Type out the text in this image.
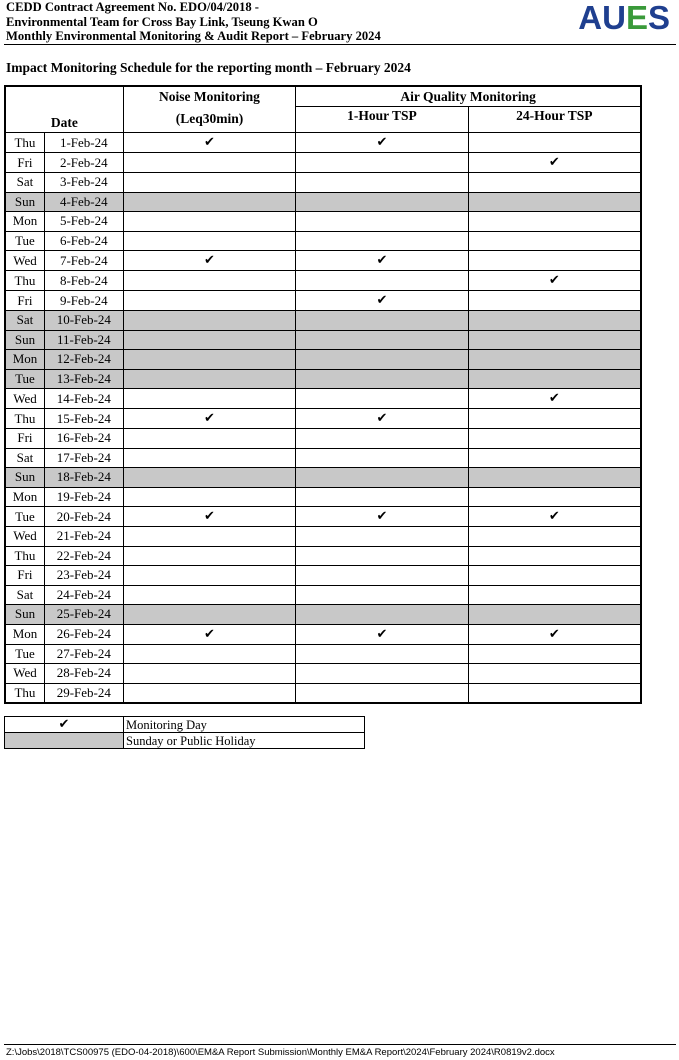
CEDD Contract Agreement No. EDO/04/2018 -
Environmental Team for Cross Bay Link, Tseung Kwan O
Monthly Environmental Monitoring & Audit Report – February 2024	AUES
Impact Monitoring Schedule for the reporting month – February 2024
Date		Noise Monitoring	Air Quality Monitoring	
		(Leq30min)	1-Hour TSP	24-Hour TSP
Thu	1-Feb-24	✔	✔	
Fri	2-Feb-24			✔
Sat	3-Feb-24			
Sun	4-Feb-24			
Mon	5-Feb-24			
Tue	6-Feb-24			
Wed	7-Feb-24	✔	✔	
Thu	8-Feb-24			✔
Fri	9-Feb-24		✔	
Sat	10-Feb-24			
Sun	11-Feb-24			
Mon	12-Feb-24			
Tue	13-Feb-24			
Wed	14-Feb-24			✔
Thu	15-Feb-24	✔	✔	
Fri	16-Feb-24			
Sat	17-Feb-24			
Sun	18-Feb-24			
Mon	19-Feb-24			
Tue	20-Feb-24	✔	✔	✔
Wed	21-Feb-24			
Thu	22-Feb-24			
Fri	23-Feb-24			
Sat	24-Feb-24			
Sun	25-Feb-24			
Mon	26-Feb-24	✔	✔	✔
Tue	27-Feb-24			
Wed	28-Feb-24			
Thu	29-Feb-24			
✔	Monitoring Day
	Sunday or Public Holiday
Z:\Jobs\2018\TCS00975 (EDO-04-2018)\600\EM&A Report Submission\Monthly EM&A Report\2024\February 2024\R0819v2.docx
